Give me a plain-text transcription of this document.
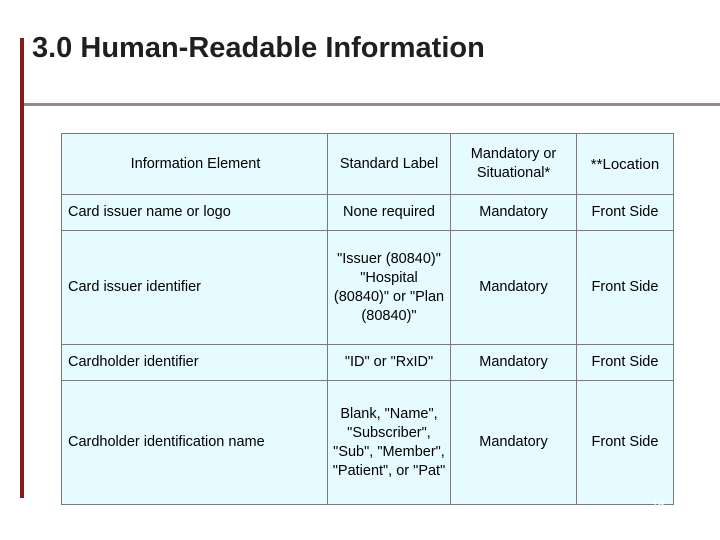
3.0 Human-Readable Information
Information Element	Standard Label	Mandatory or Situational*	**Location
Card issuer name or logo	None required	Mandatory	Front Side
Card issuer identifier	"Issuer (80840)" "Hospital (80840)" or "Plan (80840)"	Mandatory	Front Side
Cardholder identifier	"ID" or "RxID"	Mandatory	Front Side
Cardholder identification name	Blank, "Name", "Subscriber", "Sub", "Member", "Patient", or "Pat"	Mandatory	Front Side
14
